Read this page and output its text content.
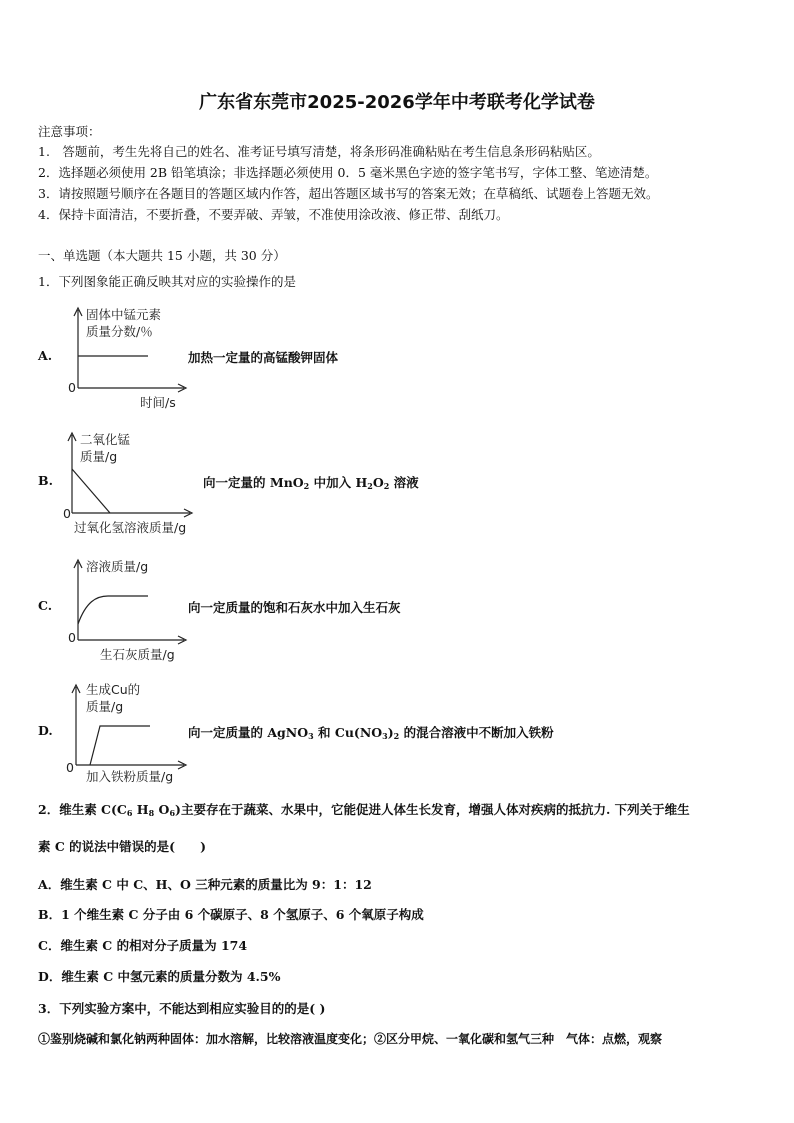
广东省东莞市2025-2026学年中考联考化学试卷
注意事项：
1.　答题前，考生先将自己的姓名、准考证号填写清楚，将条形码准确粘贴在考生信息条形码粘贴区。
2．选择题必须使用 2B 铅笔填涂；非选择题必须使用 0．5 毫米黑色字迹的签字笔书写，字体工整、笔迹清楚。
3．请按照题号顺序在各题目的答题区域内作答，超出答题区域书写的答案无效；在草稿纸、试题卷上答题无效。
4．保持卡面清洁，不要折叠，不要弄破、弄皱，不准使用涂改液、修正带、刮纸刀。
一、单选题（本大题共 15 小题，共 30 分）
1．下列图象能正确反映其对应的实验操作的是
A.
固体中锰元素
质量分数/％
0
时间/s
加热一定量的高锰酸钾固体
B.
二氧化锰
质量/g
0
过氧化氢溶液质量/g
向一定量的 MnO$_2$ 中加入 $H_2O_2$ 溶液
C.
溶液质量/g
0
生石灰质量/g
向一定质量的饱和石灰水中加入生石灰
D.
生成Cu的
质量/g
0
加入铁粉质量/g
向一定质量的 AgNO$_3$ 和 $Cu(NO_3)_2$ 的混合溶液中不断加入铁粉
2．维生素 $C(C_6$ $H_8$ $O_6$)主要存在于蔬菜、水果中，它能促进人体生长发育，增强人体对疾病的抵抗力. 下列关于维生
素 C 的说法中错误的是(　　)
A．维生素 C 中 C、H、O 三种元素的质量比为 9：1：12
B．1 个维生素 C 分子由 6 个碳原子、8 个氢原子、6 个氧原子构成
C．维生素 C 的相对分子质量为 174
D．维生素 C 中氢元素的质量分数为 4.5%
3．下列实验方案中，不能达到相应实验目的的是( )
①鉴别烧碱和氯化钠两种固体：加水溶解，比较溶液温度变化；②区分甲烷、一氧化碳和氢气三种　气体：点燃，观察
